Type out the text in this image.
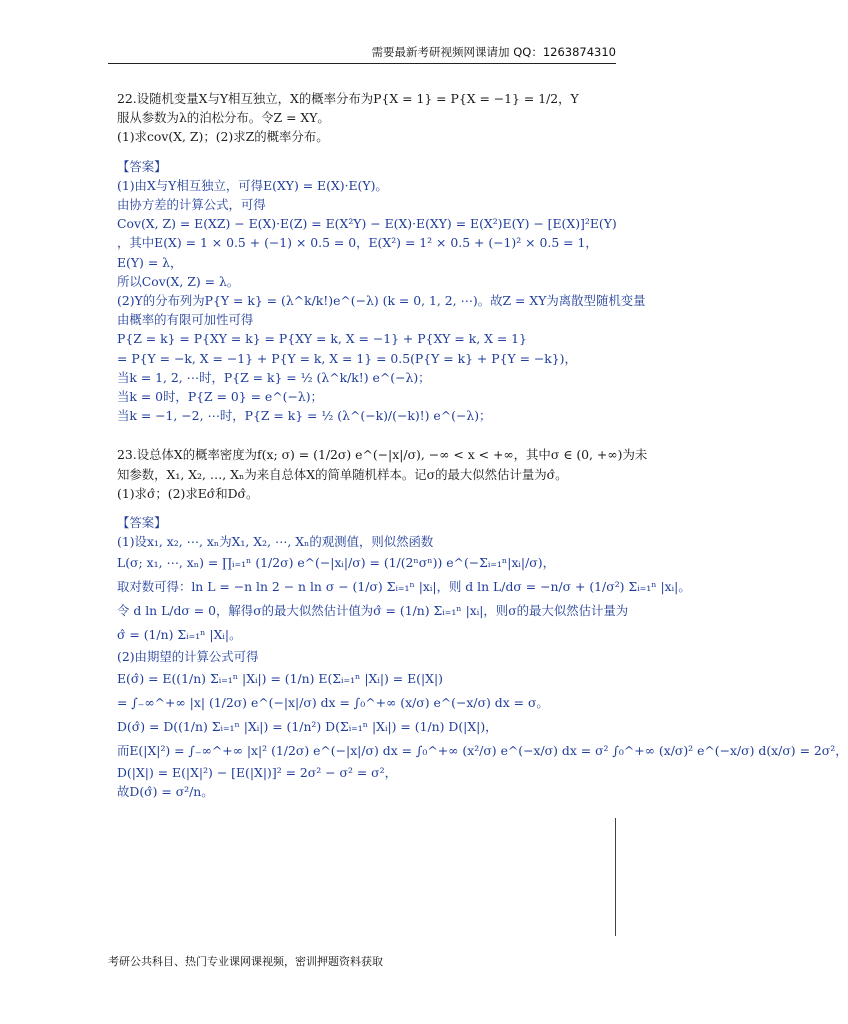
需要最新考研视频网课请加 QQ：1263874310
22.设随机变量X与Y相互独立，X的概率分布为P{X = 1} = P{X = −1} = 1/2，Y
服从参数为λ的泊松分布。令Z = XY。
(1)求cov(X, Z)；(2)求Z的概率分布。
【答案】
(1)由X与Y相互独立，可得E(XY) = E(X)·E(Y)。
由协方差的计算公式，可得
Cov(X, Z) = E(XZ) − E(X)·E(Z) = E(X²Y) − E(X)·E(XY) = E(X²)E(Y) − [E(X)]²E(Y)
，其中E(X) = 1 × 0.5 + (−1) × 0.5 = 0，E(X²) = 1² × 0.5 + (−1)² × 0.5 = 1，
E(Y) = λ，
所以Cov(X, Z) = λ。
(2)Y的分布列为P{Y = k} = (λ^k/k!)e^(−λ) (k = 0, 1, 2, ⋯)。故Z = XY为离散型随机变量
由概率的有限可加性可得
P{Z = k} = P{XY = k} = P{XY = k, X = −1} + P{XY = k, X = 1}
= P{Y = −k, X = −1} + P{Y = k, X = 1} = 0.5(P{Y = k} + P{Y = −k})，
当k = 1, 2, ⋯时，P{Z = k} = ½ (λ^k/k!) e^(−λ)；
当k = 0时，P{Z = 0} = e^(−λ)；
当k = −1, −2, ⋯时，P{Z = k} = ½ (λ^(−k)/(−k)!) e^(−λ)；
23.设总体X的概率密度为f(x; σ) = (1/2σ) e^(−|x|/σ), −∞ < x < +∞，其中σ ∈ (0, +∞)为未
知参数，X₁, X₂, …, Xₙ为来自总体X的简单随机样本。记σ的最大似然估计量为σ̂。
(1)求σ̂；(2)求Eσ̂和Dσ̂。
【答案】
(1)设x₁, x₂, ⋯, xₙ为X₁, X₂, ⋯, Xₙ的观测值，则似然函数
L(σ; x₁, ⋯, xₙ) = ∏ᵢ₌₁ⁿ (1/2σ) e^(−|xᵢ|/σ) = (1/(2ⁿσⁿ)) e^(−Σᵢ₌₁ⁿ|xᵢ|/σ)，
取对数可得：ln L = −n ln 2 − n ln σ − (1/σ) Σᵢ₌₁ⁿ |xᵢ|，则 d ln L/dσ = −n/σ + (1/σ²) Σᵢ₌₁ⁿ |xᵢ|。
令 d ln L/dσ = 0，解得σ的最大似然估计值为σ̂ = (1/n) Σᵢ₌₁ⁿ |xᵢ|，则σ的最大似然估计量为
σ̂ = (1/n) Σᵢ₌₁ⁿ |Xᵢ|。
(2)由期望的计算公式可得
E(σ̂) = E((1/n) Σᵢ₌₁ⁿ |Xᵢ|) = (1/n) E(Σᵢ₌₁ⁿ |Xᵢ|) = E(|X|)
= ∫₋∞^+∞ |x| (1/2σ) e^(−|x|/σ) dx = ∫₀^+∞ (x/σ) e^(−x/σ) dx = σ。
D(σ̂) = D((1/n) Σᵢ₌₁ⁿ |Xᵢ|) = (1/n²) D(Σᵢ₌₁ⁿ |Xᵢ|) = (1/n) D(|X|)，
而E(|X|²) = ∫₋∞^+∞ |x|² (1/2σ) e^(−|x|/σ) dx = ∫₀^+∞ (x²/σ) e^(−x/σ) dx = σ² ∫₀^+∞ (x/σ)² e^(−x/σ) d(x/σ) = 2σ²，
D(|X|) = E(|X|²) − [E(|X|)]² = 2σ² − σ² = σ²，
故D(σ̂) = σ²/n。
考研公共科目、热门专业课网课视频，密训押题资料获取
